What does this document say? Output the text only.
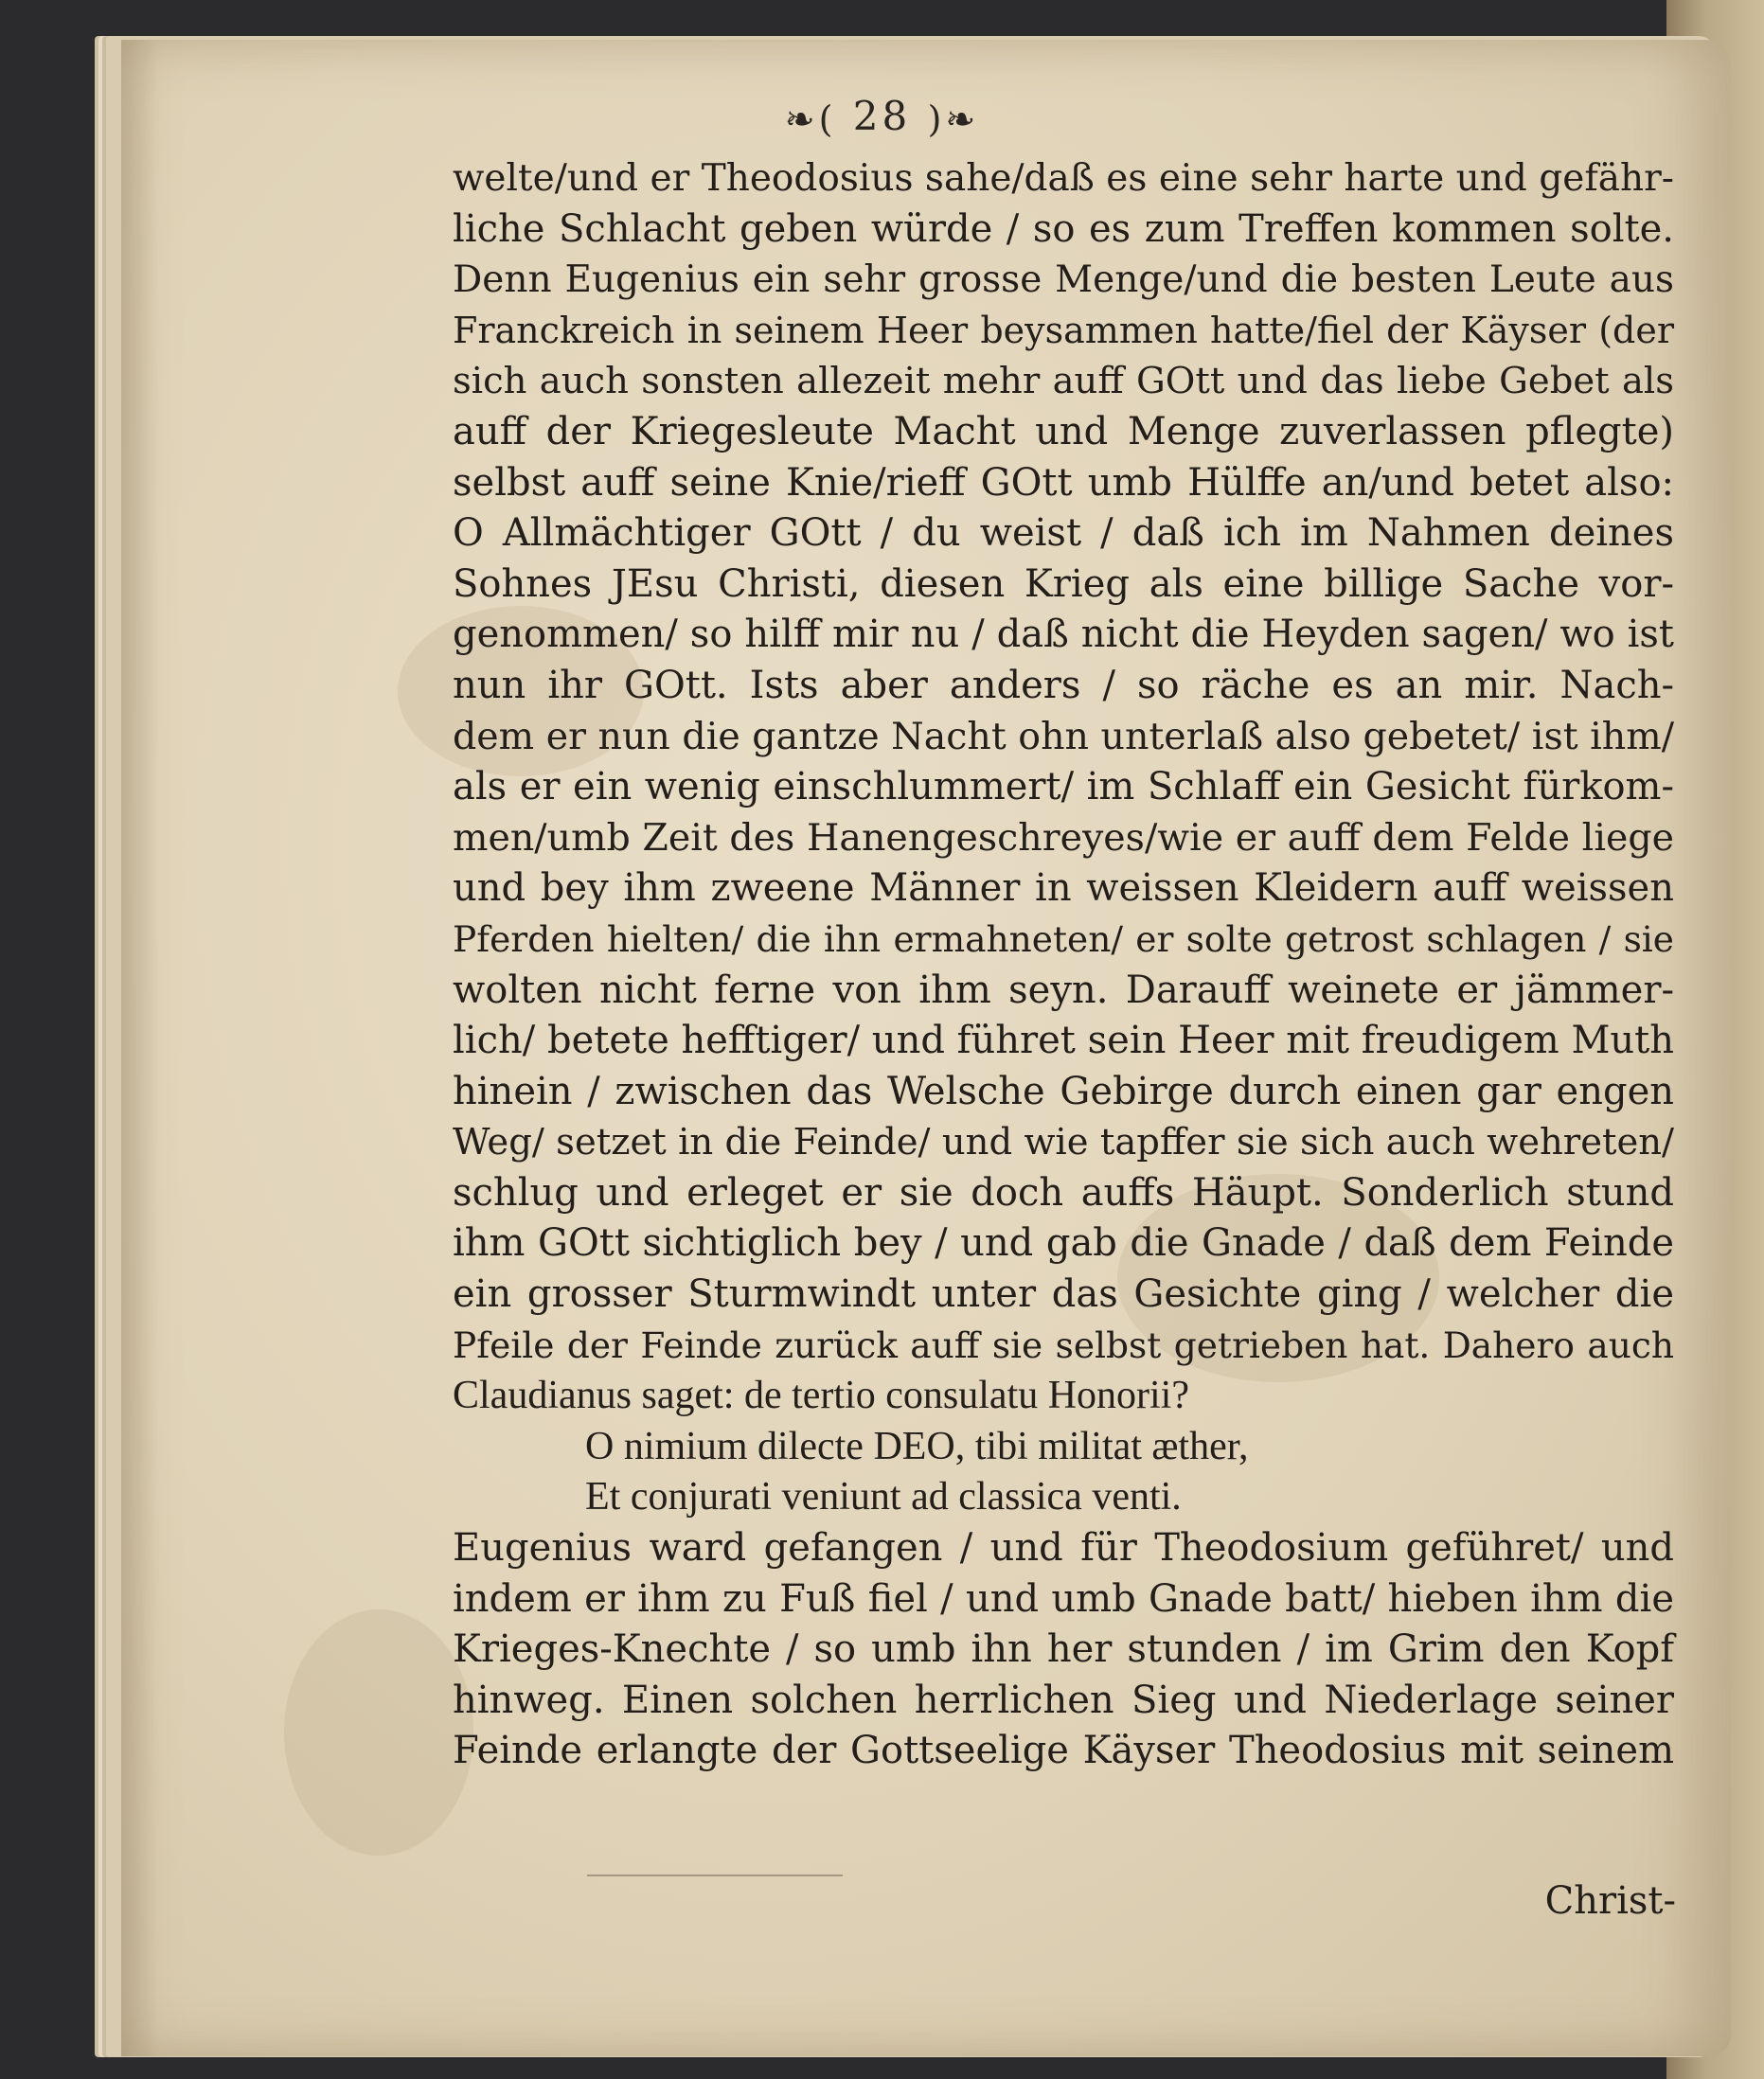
❧( 28 )❧
welte/und er Theodosius sahe/daß es eine sehr harte und gefähr-
liche Schlacht geben würde / so es zum Treffen kommen solte.
Denn Eugenius ein sehr grosse Menge/und die besten Leute aus
Franckreich in seinem Heer beysammen hatte/fiel der Käyser (der
sich auch sonsten allezeit mehr auff GOtt und das liebe Gebet als
auff der Kriegesleute Macht und Menge zuverlassen pflegte)
selbst auff seine Knie/rieff GOtt umb Hülffe an/und betet also:
O Allmächtiger GOtt / du weist / daß ich im Nahmen deines
Sohnes JEsu Christi, diesen Krieg als eine billige Sache vor-
genommen/ so hilff mir nu / daß nicht die Heyden sagen/ wo ist
nun ihr GOtt. Ists aber anders / so räche es an mir. Nach-
dem er nun die gantze Nacht ohn unterlaß also gebetet/ ist ihm/
als er ein wenig einschlummert/ im Schlaff ein Gesicht fürkom-
men/umb Zeit des Hanengeschreyes/wie er auff dem Felde liege
und bey ihm zweene Männer in weissen Kleidern auff weissen
Pferden hielten/ die ihn ermahneten/ er solte getrost schlagen / sie
wolten nicht ferne von ihm seyn. Darauff weinete er jämmer-
lich/ betete hefftiger/ und führet sein Heer mit freudigem Muth
hinein / zwischen das Welsche Gebirge durch einen gar engen
Weg/ setzet in die Feinde/ und wie tapffer sie sich auch wehreten/
schlug und erleget er sie doch auffs Häupt. Sonderlich stund
ihm GOtt sichtiglich bey / und gab die Gnade / daß dem Feinde
ein grosser Sturmwindt unter das Gesichte ging / welcher die
Pfeile der Feinde zurück auff sie selbst getrieben hat. Dahero auch
Claudianus saget: de tertio consulatu Honorii?
O nimium dilecte DEO, tibi militat æther,
Et conjurati veniunt ad classica venti.
Eugenius ward gefangen / und für Theodosium geführet/ und
indem er ihm zu Fuß fiel / und umb Gnade batt/ hieben ihm die
Krieges-Knechte / so umb ihn her stunden / im Grim den Kopf
hinweg. Einen solchen herrlichen Sieg und Niederlage seiner
Feinde erlangte der Gottseelige Käyser Theodosius mit seinem
Christ-
